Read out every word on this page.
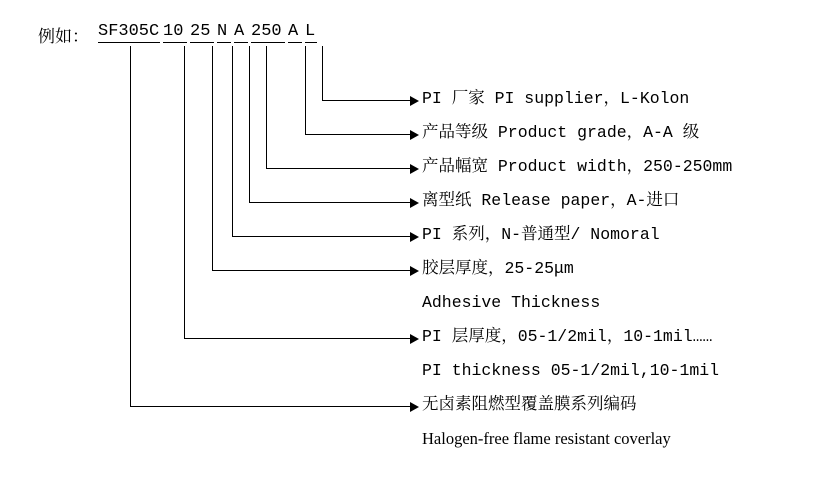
例如： SF305C 10 25 N A 250 A L
PI 厂家 PI supplier，L-Kolon
产品等级 Product grade，A-A 级
产品幅宽 Product width，250-250mm
离型纸 Release paper，A-进口
PI 系列，N-普通型/ Nomoral
胶层厚度，25-25μm
Adhesive Thickness
PI 层厚度，05-1/2mil，10-1mil……
PI thickness 05-1/2mil,10-1mil
无卤素阻燃型覆盖膜系列编码
Halogen-free flame resistant coverlay
